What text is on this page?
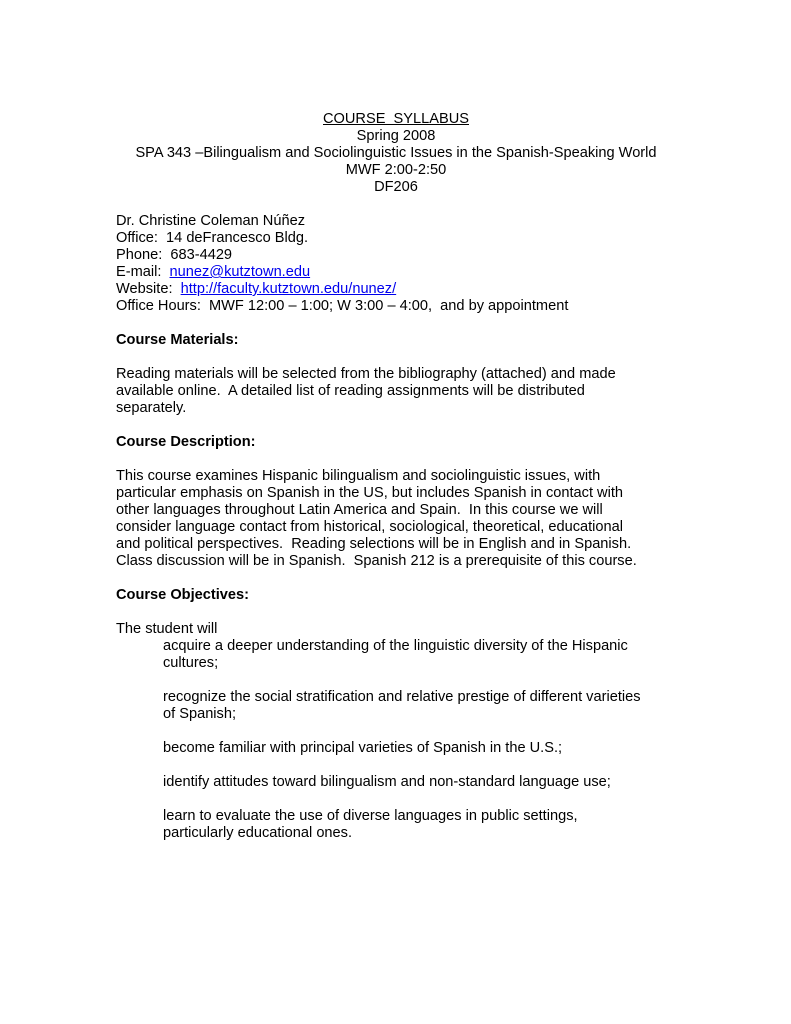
COURSE  SYLLABUS
Spring 2008
SPA 343 –Bilingualism and Sociolinguistic Issues in the Spanish-Speaking World
MWF 2:00-2:50
DF206
Dr. Christine Coleman Núñez
Office: 14 deFrancesco Bldg.
Phone: 683-4429
E-mail: nunez@kutztown.edu
Website: http://faculty.kutztown.edu/nunez/
Office Hours: MWF 12:00 – 1:00; W 3:00 – 4:00,  and by appointment
Course Materials:

Reading materials will be selected from the bibliography (attached) and made
available online.  A detailed list of reading assignments will be distributed
separately.

Course Description:

This course examines Hispanic bilingualism and sociolinguistic issues, with
particular emphasis on Spanish in the US, but includes Spanish in contact with
other languages throughout Latin America and Spain.  In this course we will
consider language contact from historical, sociological, theoretical, educational
and political perspectives.  Reading selections will be in English and in Spanish.
Class discussion will be in Spanish.  Spanish 212 is a prerequisite of this course.

Course Objectives:
The student will
acquire a deeper understanding of the linguistic diversity of the Hispanic
cultures;
recognize the social stratification and relative prestige of different varieties
of Spanish;
become familiar with principal varieties of Spanish in the U.S.;
identify attitudes toward bilingualism and non-standard language use;
learn to evaluate the use of diverse languages in public settings,
particularly educational ones.
